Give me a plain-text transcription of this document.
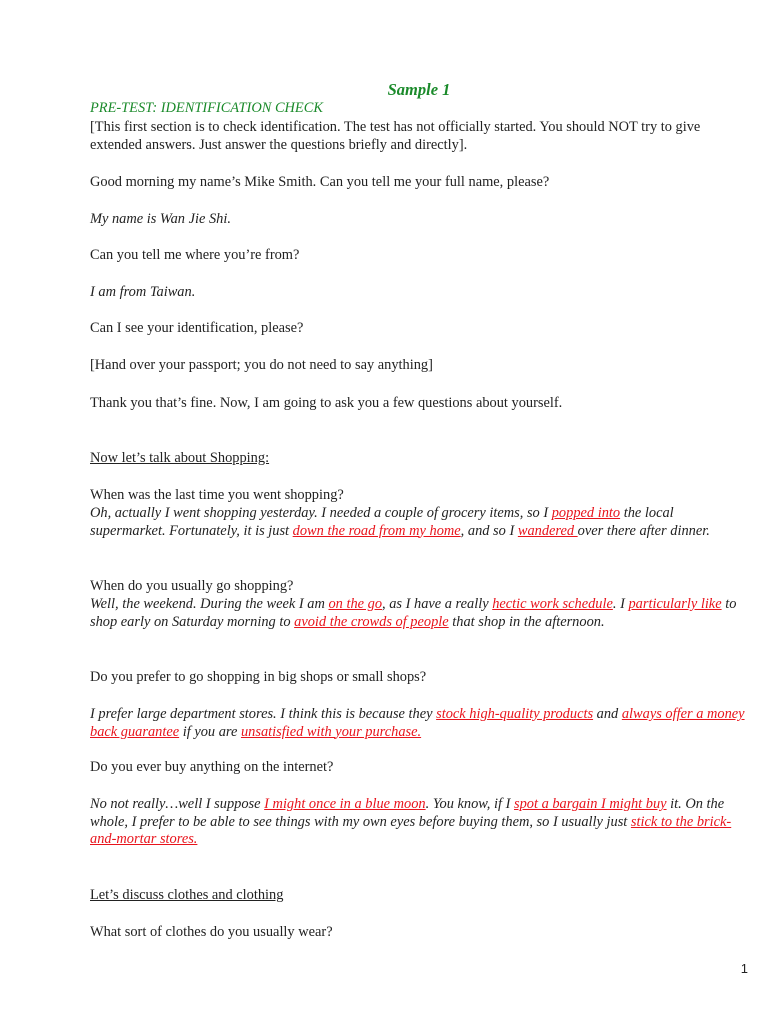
Sample 1

PRE-TEST: IDENTIFICATION CHECK

[This first section is to check identification. The test has not officially started. You should NOT try to give extended answers. Just answer the questions briefly and directly].

Good morning my name’s Mike Smith. Can you tell me your full name, please?

My name is Wan Jie Shi.

Can you tell me where you’re from?

I am from Taiwan.

Can I see your identification, please?

[Hand over your passport; you do not need to say anything]

Thank you that’s fine. Now, I am going to ask you a few questions about yourself.

Now let’s talk about Shopping:

When was the last time you went shopping?

Oh, actually I went shopping yesterday. I needed a couple of grocery items, so I popped into the local supermarket. Fortunately, it is just down the road from my home, and so I wandered over there after dinner.

When do you usually go shopping?

Well, the weekend. During the week I am on the go, as I have a really hectic work schedule. I particularly like to shop early on Saturday morning to avoid the crowds of people that shop in the afternoon.

Do you prefer to go shopping in big shops or small shops?

I prefer large department stores. I think this is because they stock high-quality products and always offer a money back guarantee if you are unsatisfied with your purchase.

Do you ever buy anything on the internet?

No not really…well I suppose I might once in a blue moon. You know, if I spot a bargain I might buy it. On the whole, I prefer to be able to see things with my own eyes before buying them, so I usually just stick to the brick-and-mortar stores.

Let’s discuss clothes and clothing

What sort of clothes do you usually wear?

1
